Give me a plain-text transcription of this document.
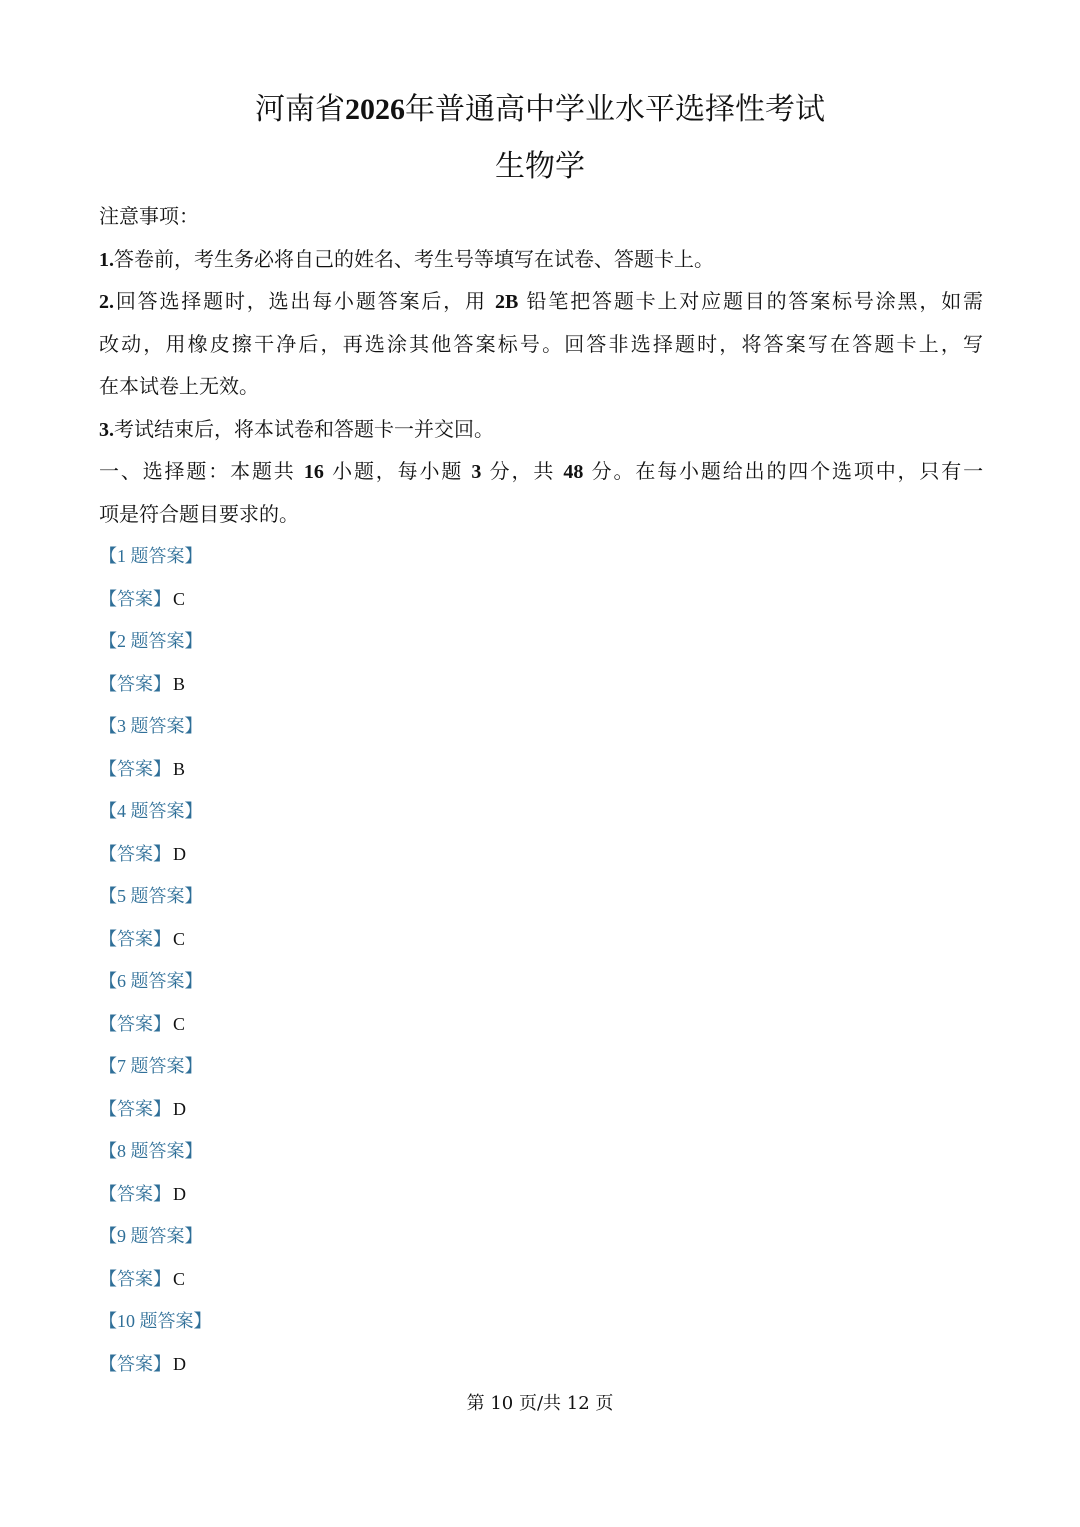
河南省2026年普通高中学业水平选择性考试
生物学
注意事项：
1.答卷前，考生务必将自己的姓名、考生号等填写在试卷、答题卡上。
2.回答选择题时，选出每小题答案后，用 2B 铅笔把答题卡上对应题目的答案标号涂黑，如需
改动，用橡皮擦干净后，再选涂其他答案标号。回答非选择题时，将答案写在答题卡上，写
在本试卷上无效。
3.考试结束后，将本试卷和答题卡一并交回。
一、选择题：本题共 16 小题，每小题 3 分，共 48 分。在每小题给出的四个选项中，只有一
项是符合题目要求的。
【1 题答案】
【答案】 C
【2 题答案】
【答案】 B
【3 题答案】
【答案】 B
【4 题答案】
【答案】 D
【5 题答案】
【答案】 C
【6 题答案】
【答案】 C
【7 题答案】
【答案】 D
【8 题答案】
【答案】 D
【9 题答案】
【答案】 C
【10 题答案】
【答案】 D
第 10 页/共 12 页
